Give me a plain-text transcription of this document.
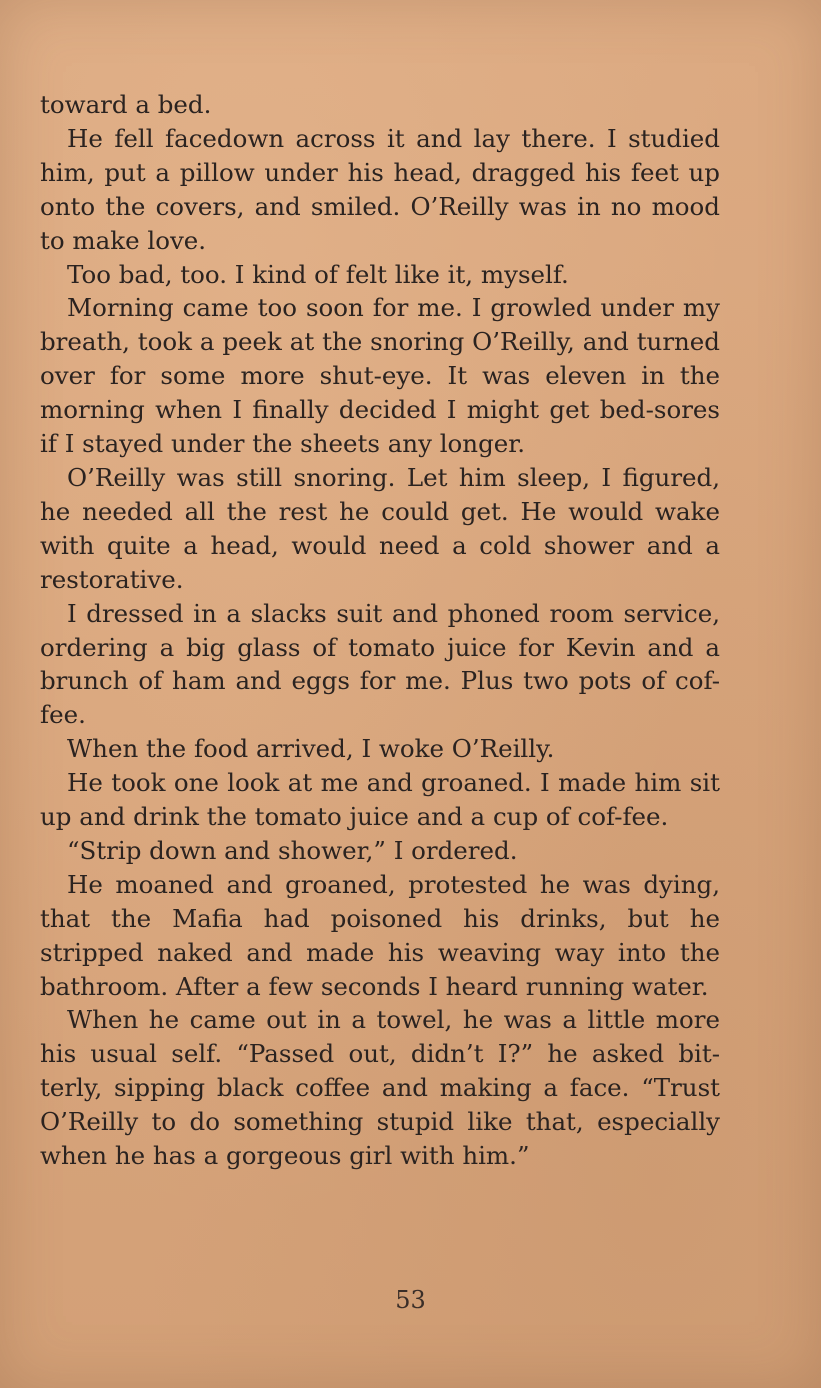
toward a bed.

He fell facedown across it and lay there. I studied him, put a pillow under his head, dragged his feet up onto the covers, and smiled. O’Reilly was in no mood to make love.

Too bad, too. I kind of felt like it, myself.

Morning came too soon for me. I growled under my breath, took a peek at the snoring O’Reilly, and turned over for some more shut-eye. It was eleven in the morning when I finally decided I might get bed-sores if I stayed under the sheets any longer.

O’Reilly was still snoring. Let him sleep, I figured, he needed all the rest he could get. He would wake with quite a head, would need a cold shower and a restorative.

I dressed in a slacks suit and phoned room service, ordering a big glass of tomato juice for Kevin and a brunch of ham and eggs for me. Plus two pots of cof-fee.

When the food arrived, I woke O’Reilly.

He took one look at me and groaned. I made him sit up and drink the tomato juice and a cup of cof-fee.

“Strip down and shower,” I ordered.

He moaned and groaned, protested he was dying, that the Mafia had poisoned his drinks, but he stripped naked and made his weaving way into the bathroom. After a few seconds I heard running water.

When he came out in a towel, he was a little more his usual self. “Passed out, didn’t I?” he asked bit-terly, sipping black coffee and making a face. “Trust O’Reilly to do something stupid like that, especially when he has a gorgeous girl with him.”

53
